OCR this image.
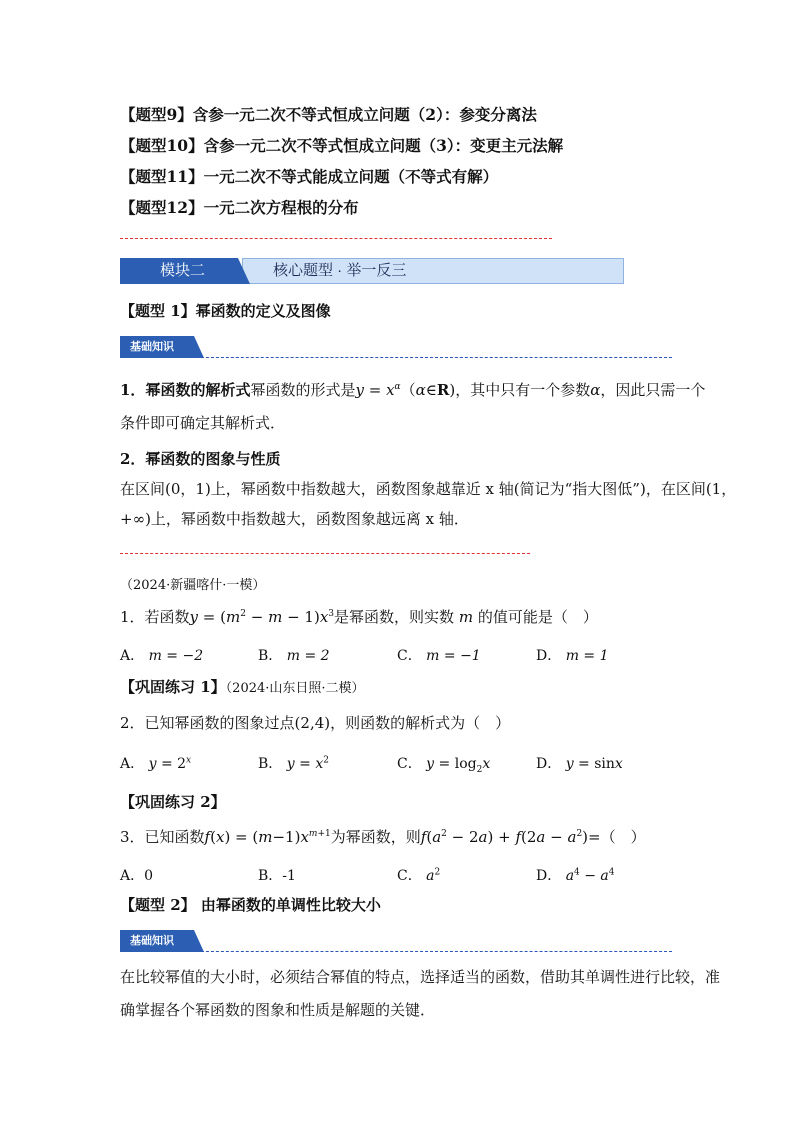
【题型9】含参一元二次不等式恒成立问题（2）：参变分离法
【题型10】含参一元二次不等式恒成立问题（3）：变更主元法解
【题型11】一元二次不等式能成立问题（不等式有解）
【题型12】一元二次方程根的分布
核心题型 · 举一反三
模块二
【题型 1】幂函数的定义及图像
基础知识
1．幂函数的解析式幂函数的形式是$y = x^\alpha(\alpha\in R)$，其中只有一个参数α，因此只需一个
条件即可确定其解析式．
2．幂函数的图象与性质
在区间(0，1)上，幂函数中指数越大，函数图象越靠近 x 轴(简记为“指大图低”)，在区间(1，
+∞)上，幂函数中指数越大，函数图象越远离 x 轴．
（2024·新疆喀什·一模）
1．若函数$y = (m^2 - m - 1)x^3$是幂函数，则实数 m 的值可能是（　）
A． m = −2	B． m = 2	C． m = −1	D． m = 1
【巩固练习 1】（2024·山东日照·二模）
2．已知幂函数的图象过点(2,4)，则函数的解析式为（　）
A． $y = 2^x$	B． $y = x^2$	C． $y = \log_2x$	D． y = sinx
【巩固练习 2】
3．已知函数$f(x) = (m-1)x^{m+1}$为幂函数，则$f(a^2 - 2a) + f(2a - a^2)=$（　）
A．0	B．-1	C． $a^2$	D． $a^4 - a^4$
【题型 2】 由幂函数的单调性比较大小
基础知识
在比较幂值的大小时，必须结合幂值的特点，选择适当的函数，借助其单调性进行比较，准
确掌握各个幂函数的图象和性质是解题的关键．
